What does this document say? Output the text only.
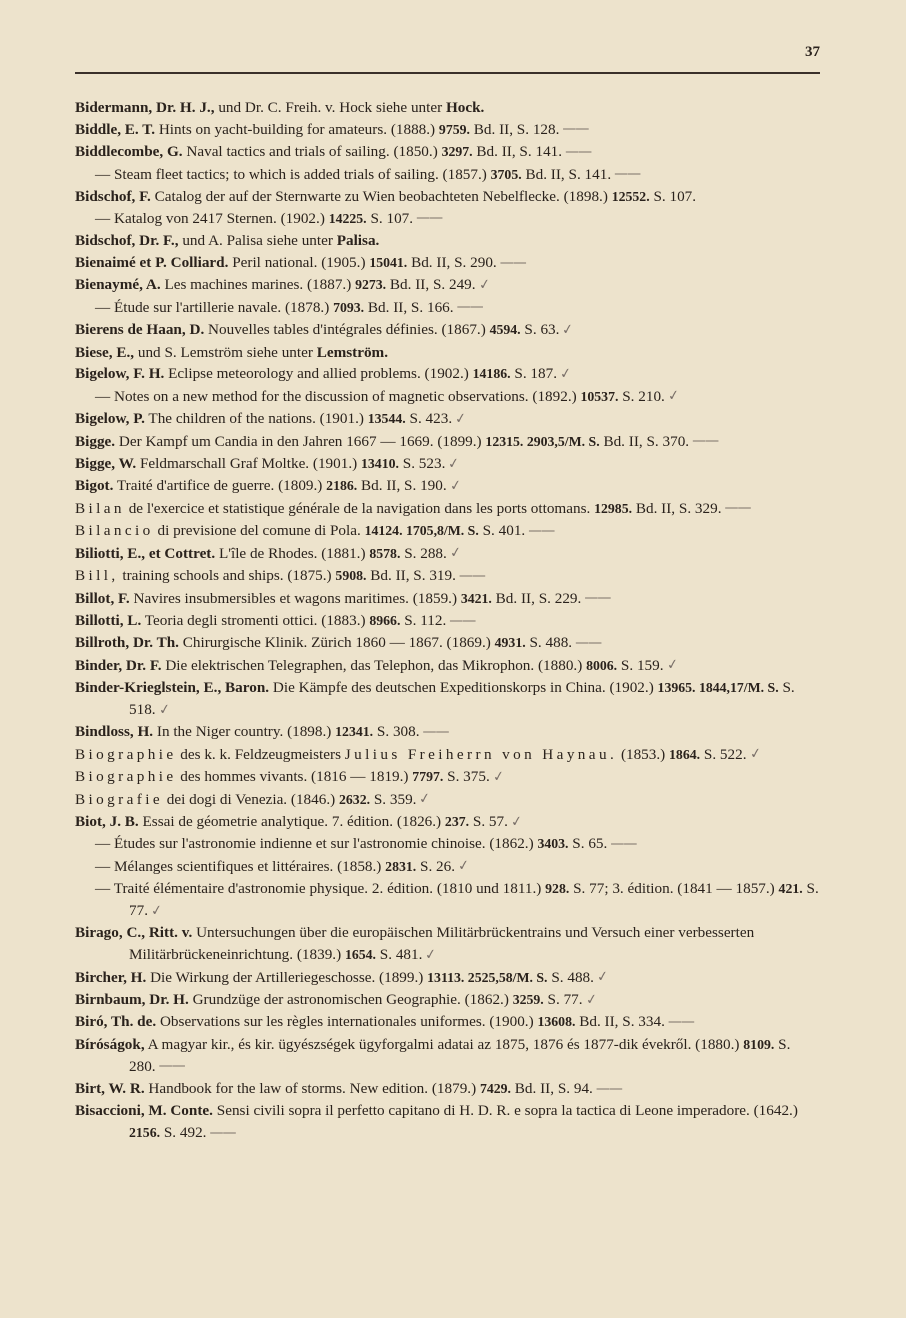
37
Bidermann, Dr. H. J., und Dr. C. Freih. v. Hock siehe unter Hock.
Biddle, E. T. Hints on yacht-building for amateurs. (1888.) 9759. Bd. II, S. 128. ——
Biddlecombe, G. Naval tactics and trials of sailing. (1850.) 3297. Bd. II, S. 141. ——
— Steam fleet tactics; to which is added trials of sailing. (1857.) 3705. Bd. II, S. 141. ——
Bidschof, F. Catalog der auf der Sternwarte zu Wien beobachteten Nebelflecke. (1898.) 12552. S. 107.
— Katalog von 2417 Sternen. (1902.) 14225. S. 107. ——
Bidschof, Dr. F., und A. Palisa siehe unter Palisa.
Bienaimé et P. Colliard. Peril national. (1905.) 15041. Bd. II, S. 290. ——
Bienaymé, A. Les machines marines. (1887.) 9273. Bd. II, S. 249. ✓
— Étude sur l'artillerie navale. (1878.) 7093. Bd. II, S. 166. ——
Bierens de Haan, D. Nouvelles tables d'intégrales définies. (1867.) 4594. S. 63. ✓
Biese, E., und S. Lemström siehe unter Lemström.
Bigelow, F. H. Eclipse meteorology and allied problems. (1902.) 14186. S. 187. ✓
— Notes on a new method for the discussion of magnetic observations. (1892.) 10537. S. 210. ✓
Bigelow, P. The children of the nations. (1901.) 13544. S. 423. ✓
Bigge. Der Kampf um Candia in den Jahren 1667 — 1669. (1899.) 12315. 2903,5/M. S. Bd. II, S. 370. ——
Bigge, W. Feldmarschall Graf Moltke. (1901.) 13410. S. 523. ✓
Bigot. Traité d'artifice de guerre. (1809.) 2186. Bd. II, S. 190. ✓
Bilan de l'exercice et statistique générale de la navigation dans les ports ottomans. 12985. Bd. II, S. 329. ——
Bilancio di previsione del comune di Pola. 14124. 1705,8/M. S. S. 401. ——
Biliotti, E., et Cottret. L'île de Rhodes. (1881.) 8578. S. 288. ✓
Bill, training schools and ships. (1875.) 5908. Bd. II, S. 319. ——
Billot, F. Navires insubmersibles et wagons maritimes. (1859.) 3421. Bd. II, S. 229. ——
Billotti, L. Teoria degli stromenti ottici. (1883.) 8966. S. 112. ——
Billroth, Dr. Th. Chirurgische Klinik. Zürich 1860 — 1867. (1869.) 4931. S. 488. ——
Binder, Dr. F. Die elektrischen Telegraphen, das Telephon, das Mikrophon. (1880.) 8006. S. 159. ✓
Binder-Krieglstein, E., Baron. Die Kämpfe des deutschen Expeditionskorps in China. (1902.) 13965. 1844,17/M. S. S. 518. ✓
Bindloss, H. In the Niger country. (1898.) 12341. S. 308. ——
Biographie des k. k. Feldzeugmeisters Julius Freiherrn von Haynau. (1853.) 1864. S. 522. ✓
Biographie des hommes vivants. (1816 — 1819.) 7797. S. 375. ✓
Biografie dei dogi di Venezia. (1846.) 2632. S. 359. ✓
Biot, J. B. Essai de géometrie analytique. 7. édition. (1826.) 237. S. 57. ✓
— Études sur l'astronomie indienne et sur l'astronomie chinoise. (1862.) 3403. S. 65. ——
— Mélanges scientifiques et littéraires. (1858.) 2831. S. 26. ✓
— Traité élémentaire d'astronomie physique. 2. édition. (1810 und 1811.) 928. S. 77; 3. édition. (1841 — 1857.) 421. S. 77. ✓
Birago, C., Ritt. v. Untersuchungen über die europäischen Militärbrückentrains und Versuch einer verbesserten Militärbrückeneinrichtung. (1839.) 1654. S. 481. ✓
Bircher, H. Die Wirkung der Artilleriegeschosse. (1899.) 13113. 2525,58/M. S. S. 488. ✓
Birnbaum, Dr. H. Grundzüge der astronomischen Geographie. (1862.) 3259. S. 77. ✓
Biró, Th. de. Observations sur les règles internationales uniformes. (1900.) 13608. Bd. II, S. 334. ——
Bíróságok, A magyar kir., és kir. ügyészségek ügyforgalmi adatai az 1875, 1876 és 1877-dik évekről. (1880.) 8109. S. 280. ——
Birt, W. R. Handbook for the law of storms. New edition. (1879.) 7429. Bd. II, S. 94. ——
Bisaccioni, M. Conte. Sensi civili sopra il perfetto capitano di H. D. R. e sopra la tactica di Leone imperadore. (1642.) 2156. S. 492. ——
